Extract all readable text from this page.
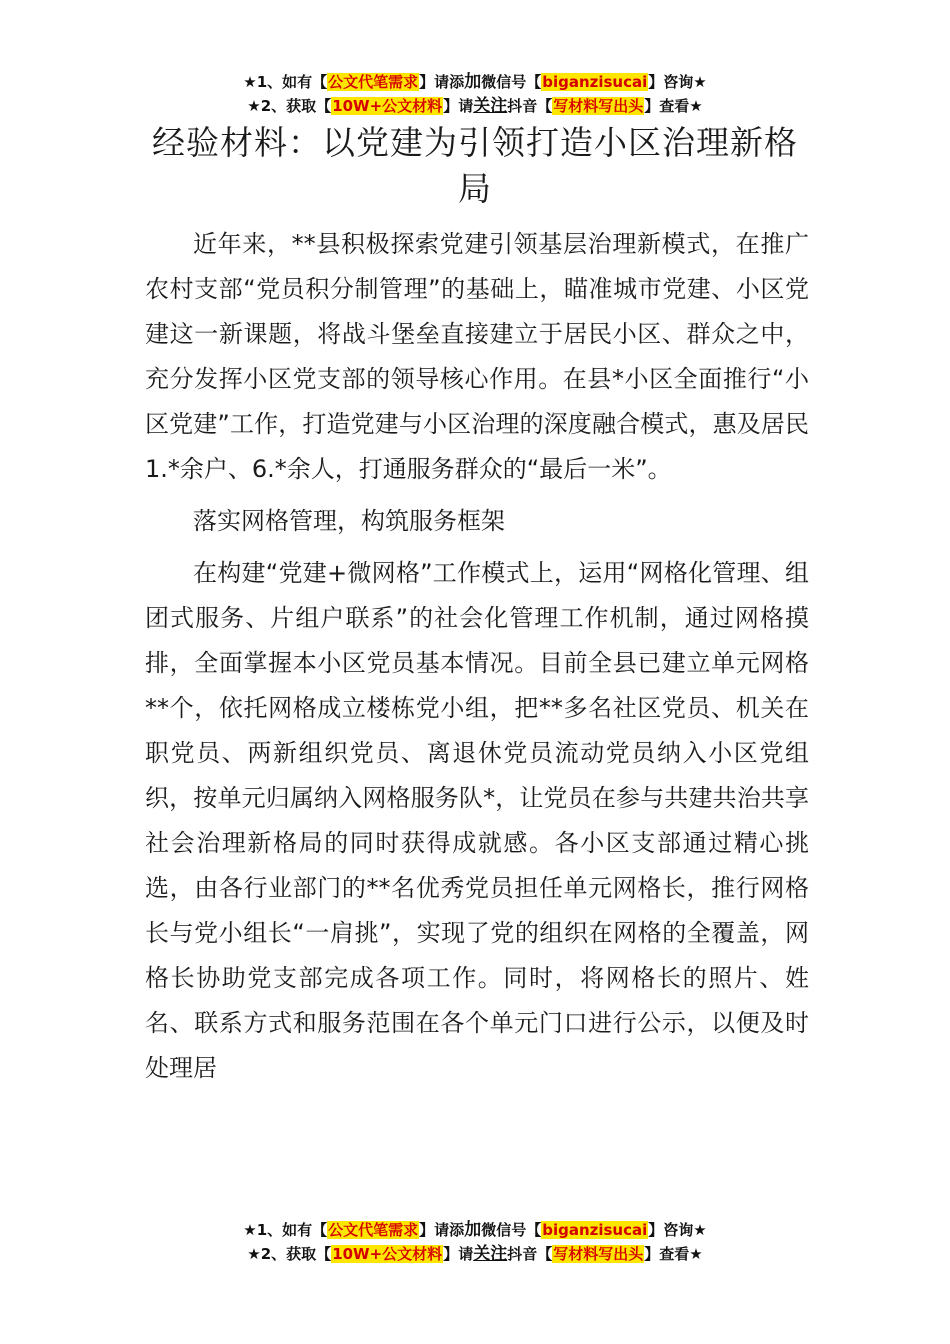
★1、如有【公文代笔需求】请添加微信号【biganzisucai】咨询★
★2、获取【10W+公文材料】请关注抖音【写材料写出头】查看★
经验材料：以党建为引领打造小区治理新格局

近年来，**县积极探索党建引领基层治理新模式，在推广农村支部“党员积分制管理”的基础上，瞄准城市党建、小区党建这一新课题，将战斗堡垒直接建立于居民小区、群众之中，充分发挥小区党支部的领导核心作用。在县*小区全面推行“小区党建”工作，打造党建与小区治理的深度融合模式，惠及居民1.*余户、6.*余人，打通服务群众的“最后一米”。

落实网格管理，构筑服务框架

在构建“党建+微网格”工作模式上，运用“网格化管理、组团式服务、片组户联系”的社会化管理工作机制，通过网格摸排，全面掌握本小区党员基本情况。目前全县已建立单元网格**个，依托网格成立楼栋党小组，把**多名社区党员、机关在职党员、两新组织党员、离退休党员流动党员纳入小区党组织，按单元归属纳入网格服务队*，让党员在参与共建共治共享社会治理新格局的同时获得成就感。各小区支部通过精心挑选，由各行业部门的**名优秀党员担任单元网格长，推行网格长与党小组长“一肩挑”，实现了党的组织在网格的全覆盖，网格长协助党支部完成各项工作。同时，将网格长的照片、姓名、联系方式和服务范围在各个单元门口进行公示，以便及时处理居

★1、如有【公文代笔需求】请添加微信号【biganzisucai】咨询★
★2、获取【10W+公文材料】请关注抖音【写材料写出头】查看★
